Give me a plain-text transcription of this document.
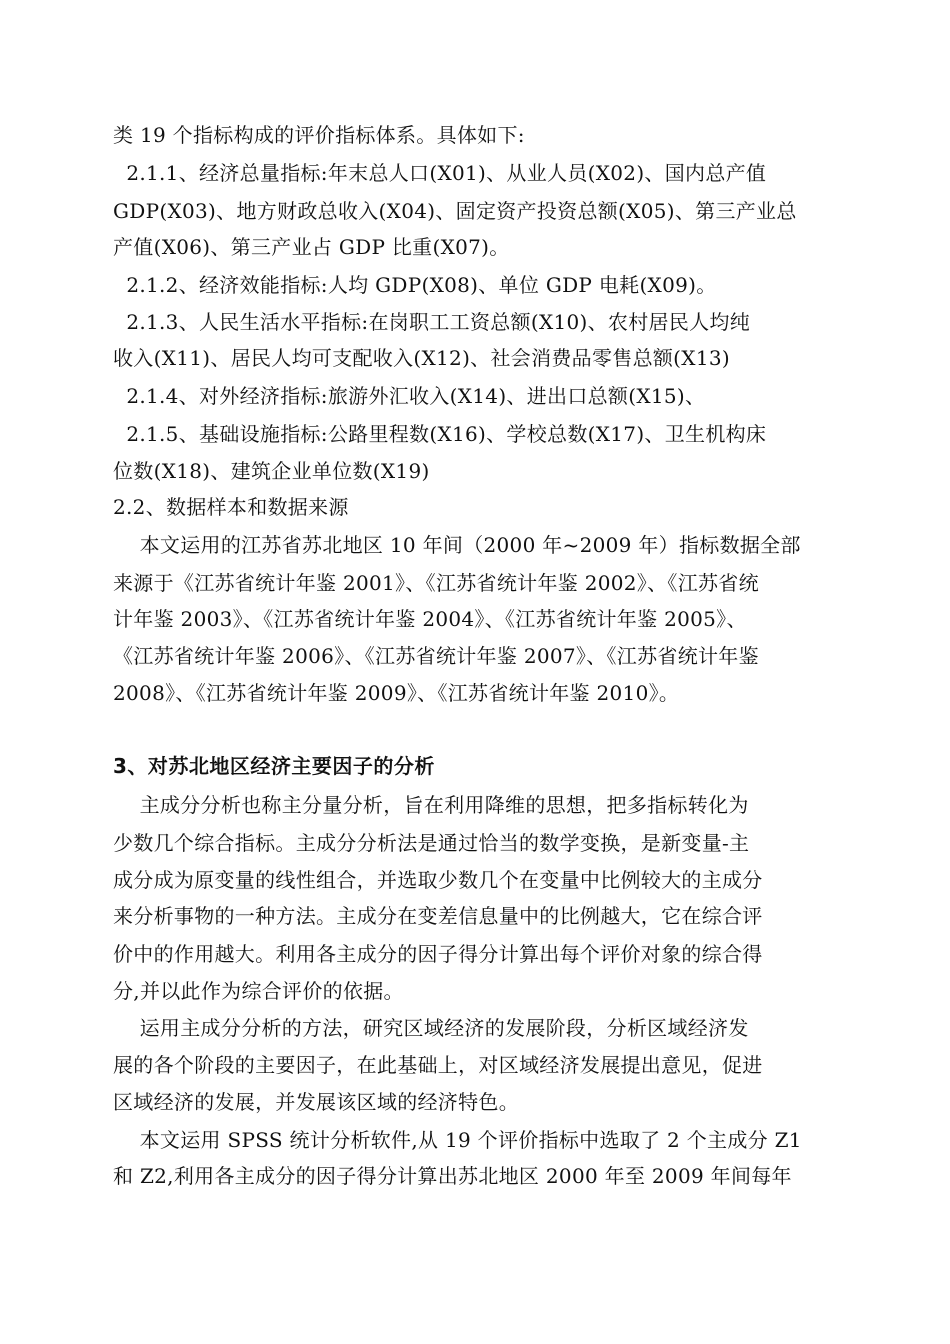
类 19 个指标构成的评价指标体系。具体如下:
2.1.1、经济总量指标:年末总人口(X01)、从业人员(X02)、国内总产值
GDP(X03)、地方财政总收入(X04)、固定资产投资总额(X05)、第三产业总
产值(X06)、第三产业占 GDP 比重(X07)。
2.1.2、经济效能指标:人均 GDP(X08)、单位 GDP 电耗(X09)。
2.1.3、人民生活水平指标:在岗职工工资总额(X10)、农村居民人均纯
收入(X11)、居民人均可支配收入(X12)、社会消费品零售总额(X13)
2.1.4、对外经济指标:旅游外汇收入(X14)、进出口总额(X15)、
2.1.5、基础设施指标:公路里程数(X16)、学校总数(X17)、卫生机构床
位数(X18)、建筑企业单位数(X19)
2.2、数据样本和数据来源
本文运用的江苏省苏北地区 10 年间（2000 年~2009 年）指标数据全部
来源于《江苏省统计年鉴 2001》、《江苏省统计年鉴 2002》、《江苏省统
计年鉴 2003》、《江苏省统计年鉴 2004》、《江苏省统计年鉴 2005》、
《江苏省统计年鉴 2006》、《江苏省统计年鉴 2007》、《江苏省统计年鉴
2008》、《江苏省统计年鉴 2009》、《江苏省统计年鉴 2010》。
3、对苏北地区经济主要因子的分析
主成分分析也称主分量分析，旨在利用降维的思想，把多指标转化为
少数几个综合指标。主成分分析法是通过恰当的数学变换，是新变量-主
成分成为原变量的线性组合，并选取少数几个在变量中比例较大的主成分
来分析事物的一种方法。主成分在变差信息量中的比例越大，它在综合评
价中的作用越大。利用各主成分的因子得分计算出每个评价对象的综合得
分,并以此作为综合评价的依据。
运用主成分分析的方法，研究区域经济的发展阶段，分析区域经济发
展的各个阶段的主要因子，在此基础上，对区域经济发展提出意见，促进
区域经济的发展，并发展该区域的经济特色。
本文运用 SPSS 统计分析软件,从 19 个评价指标中选取了 2 个主成分 Z1
和 Z2,利用各主成分的因子得分计算出苏北地区 2000 年至 2009 年间每年
